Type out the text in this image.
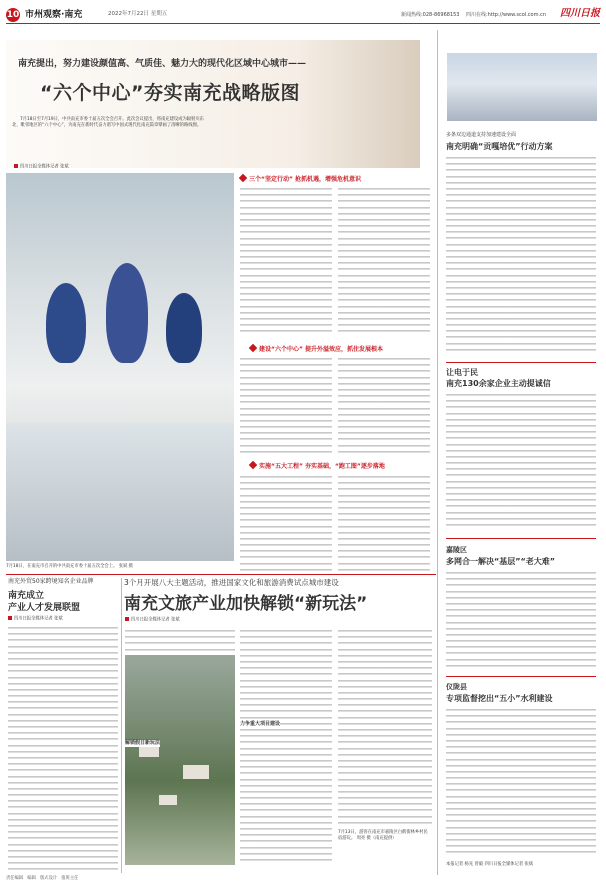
10 市州观察·南充	2022年7月22日 星期五	新闻热线:028-86968153 四川在线:http://www.scol.com.cn 四川日报
南充提出，努力建设颜值高、气质佳、魅力大的现代化区域中心城市——
“六个中心”夯实南充战略版图
7月18日至7月19日，中共南充市委十届五次全会召开。此次会议提出，将南充建设成为辐射川东北、毗邻地区的“六个中心”，为南充在新时代奋力谱写中国式现代化南充篇章擘画了清晰的路线图。
四川日报全媒体记者 张斌
7月18日，在南充市召开的中共南充市委十届五次全会上。 张斌 摄
三个“坚定行动” 抢抓机遇，增强危机意识
建设“六个中心” 提升外溢效应，抓住发展根本
实施“五大工程” 夯实基础，“跑工图”逐步落地
多条双边通道支持加速建设全面
南充明确“贡嘎培优”行动方案
让电于民
南充130余家企业主动提诚信
嘉陵区
多网合一解决“基层”“老大难”
仪陇县
专项监督挖出“五小”水利建设
本报记者 杨先 曾毅 四川日报全媒体记者 张斌
南充外贸50家跨境知名企业品牌
南充成立
产业人才发展联盟
四川日报全媒体记者 张斌
3个月开展八大主题活动，推进国家文化和旅游消费试点城市建设
南充文旅产业加快解锁“新玩法”
四川日报全媒体记者 张斌
解锁假日新玩法
力争重大项目建设
7月13日，游客在南充市嘉陵区白鹤街林乡村民宿游玩。 周亮 摄（南充提供）
责任编辑 编辑 版式设计 值班主任
